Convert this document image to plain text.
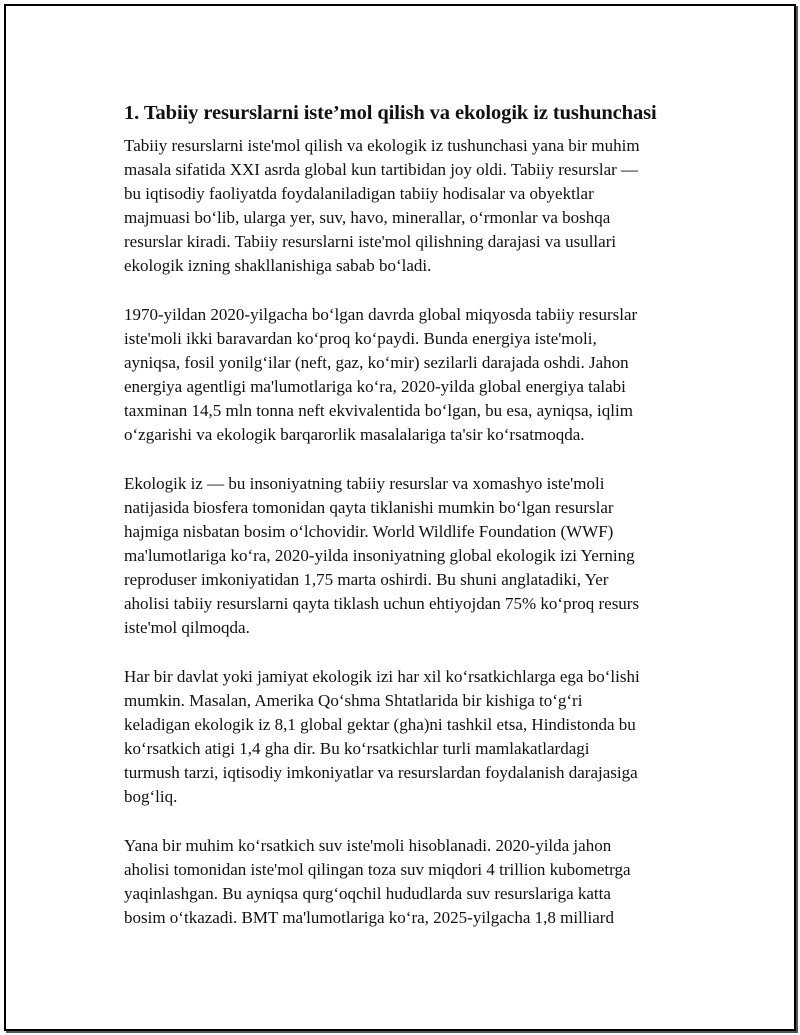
1. Tabiiy resurslarni iste’mol qilish va ekologik iz tushunchasi

Tabiiy resurslarni iste'mol qilish va ekologik iz tushunchasi yana bir muhim
masala sifatida XXI asrda global kun tartibidan joy oldi. Tabiiy resurslar —
bu iqtisodiy faoliyatda foydalaniladigan tabiiy hodisalar va obyektlar
majmuasi bo‘lib, ularga yer, suv, havo, minerallar, o‘rmonlar va boshqa
resurslar kiradi. Tabiiy resurslarni iste'mol qilishning darajasi va usullari
ekologik izning shakllanishiga sabab bo‘ladi.

1970-yildan 2020-yilgacha bo‘lgan davrda global miqyosda tabiiy resurslar
iste'moli ikki baravardan ko‘proq ko‘paydi. Bunda energiya iste'moli,
ayniqsa, fosil yonilg‘ilar (neft, gaz, ko‘mir) sezilarli darajada oshdi. Jahon
energiya agentligi ma'lumotlariga ko‘ra, 2020-yilda global energiya talabi
taxminan 14,5 mln tonna neft ekvivalentida bo‘lgan, bu esa, ayniqsa, iqlim
o‘zgarishi va ekologik barqarorlik masalalariga ta'sir ko‘rsatmoqda.

Ekologik iz — bu insoniyatning tabiiy resurslar va xomashyo iste'moli
natijasida biosfera tomonidan qayta tiklanishi mumkin bo‘lgan resurslar
hajmiga nisbatan bosim o‘lchovidir. World Wildlife Foundation (WWF)
ma'lumotlariga ko‘ra, 2020-yilda insoniyatning global ekologik izi Yerning
reproduser imkoniyatidan 1,75 marta oshirdi. Bu shuni anglatadiki, Yer
aholisi tabiiy resurslarni qayta tiklash uchun ehtiyojdan 75% ko‘proq resurs
iste'mol qilmoqda.

Har bir davlat yoki jamiyat ekologik izi har xil ko‘rsatkichlarga ega bo‘lishi
mumkin. Masalan, Amerika Qo‘shma Shtatlarida bir kishiga to‘g‘ri
keladigan ekologik iz 8,1 global gektar (gha)ni tashkil etsa, Hindistonda bu
ko‘rsatkich atigi 1,4 gha dir. Bu ko‘rsatkichlar turli mamlakatlardagi
turmush tarzi, iqtisodiy imkoniyatlar va resurslardan foydalanish darajasiga
bog‘liq.

Yana bir muhim ko‘rsatkich suv iste'moli hisoblanadi. 2020-yilda jahon
aholisi tomonidan iste'mol qilingan toza suv miqdori 4 trillion kubometrga
yaqinlashgan. Bu ayniqsa qurg‘oqchil hududlarda suv resurslariga katta
bosim o‘tkazadi. BMT ma'lumotlariga ko‘ra, 2025-yilgacha 1,8 milliard
